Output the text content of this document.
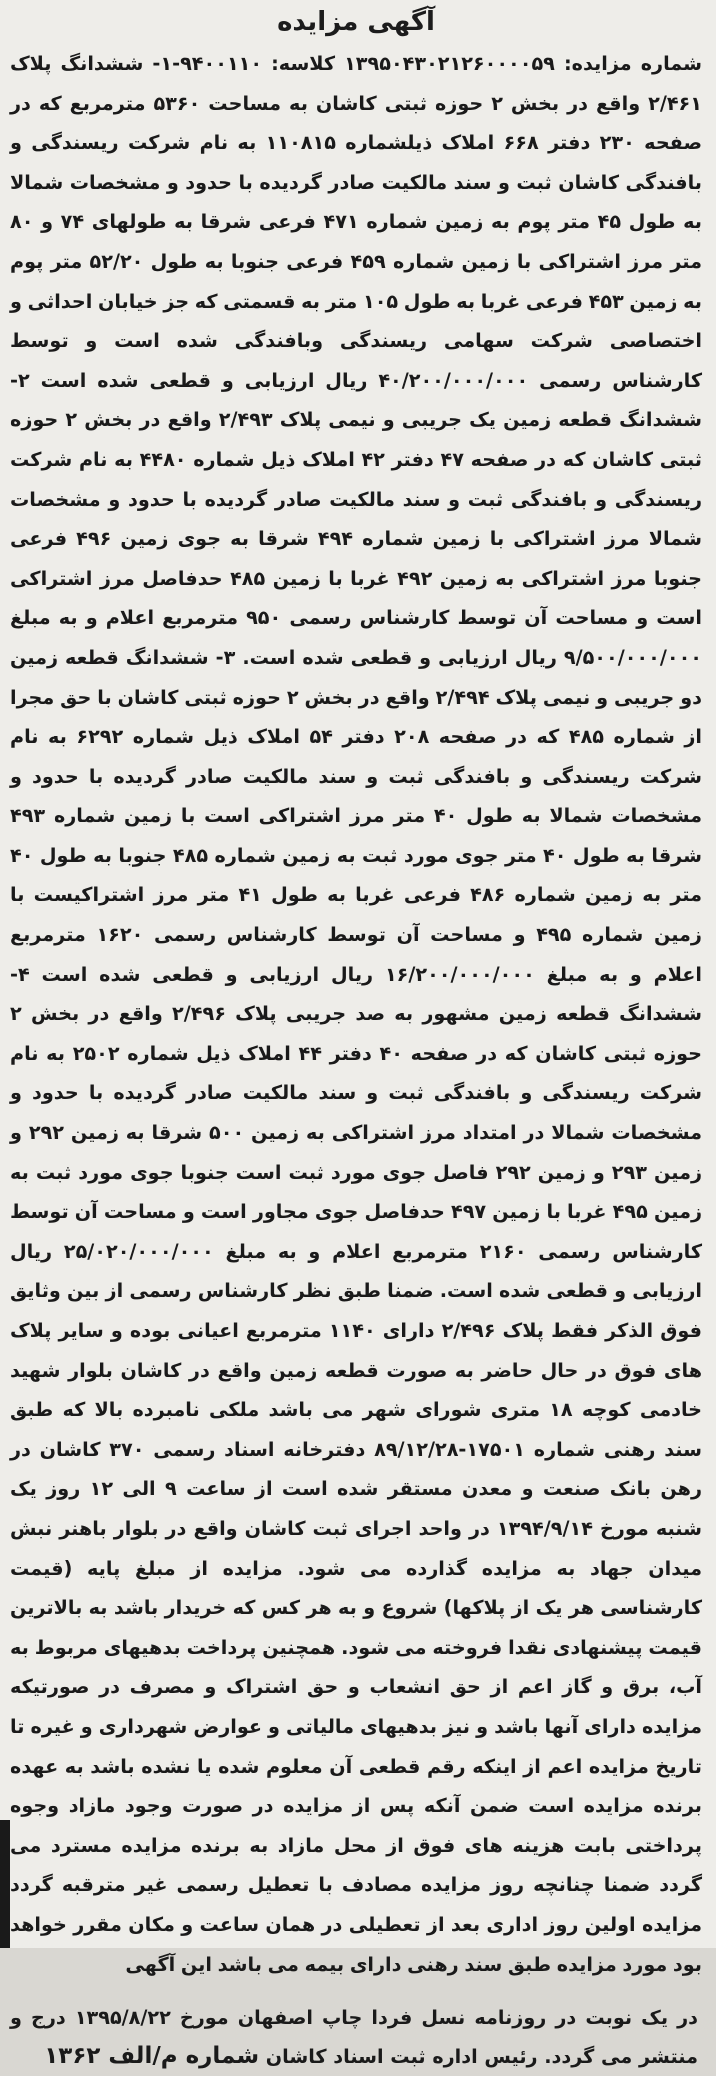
آگهی مزایده

شماره مزایده: ۱۳۹۵۰۴۳۰۲۱۲۶۰۰۰۰۵۹ کلاسه: ۹۴۰۰۱۱۰-۱- ششدانگ پلاک ۲/۴۶۱ واقع در بخش ۲ حوزه ثبتی کاشان به مساحت ۵۳۶۰ مترمربع که در صفحه ۲۳۰ دفتر ۶۶۸ املاک ذیلشماره ۱۱۰۸۱۵ به نام شرکت ریسندگی و بافندگی کاشان ثبت و سند مالکیت صادر گردیده با حدود و مشخصات شمالا به طول ۴۵ متر پوم به زمین شماره ۴۷۱ فرعی شرقا به طولهای ۷۴ و ۸۰ متر مرز اشتراکی با زمین شماره ۴۵۹ فرعی جنوبا به طول ۵۲/۲۰ متر پوم به زمین ۴۵۳ فرعی غربا به طول ۱۰۵ متر به قسمتی که جز خیابان احداثی و اختصاصی شرکت سهامی ریسندگی وبافندگی شده است و توسط کارشناس رسمی ۴۰/۲۰۰/۰۰۰/۰۰۰ ریال ارزیابی و قطعی شده است ۲- ششدانگ قطعه زمین یک جریبی و نیمی پلاک ۲/۴۹۳ واقع در بخش ۲ حوزه ثبتی کاشان که در صفحه ۴۷ دفتر ۴۲ املاک ذیل شماره ۴۴۸۰ به نام شرکت ریسندگی و بافندگی ثبت و سند مالکیت صادر گردیده با حدود و مشخصات شمالا مرز اشتراکی با زمین شماره ۴۹۴ شرقا به جوی زمین ۴۹۶ فرعی جنوبا مرز اشتراکی به زمین ۴۹۲ غربا با زمین ۴۸۵ حدفاصل مرز اشتراکی است و مساحت آن توسط کارشناس رسمی ۹۵۰ مترمربع اعلام و به مبلغ ۹/۵۰۰/۰۰۰/۰۰۰ ریال ارزیابی و قطعی شده است. ۳- ششدانگ قطعه زمین دو جریبی و نیمی پلاک ۲/۴۹۴ واقع در بخش ۲ حوزه ثبتی کاشان با حق مجرا از شماره ۴۸۵ که در صفحه ۲۰۸ دفتر ۵۴ املاک ذیل شماره ۶۲۹۲ به نام شرکت ریسندگی و بافندگی ثبت و سند مالکیت صادر گردیده با حدود و مشخصات شمالا به طول ۴۰ متر مرز اشتراکی است با زمین شماره ۴۹۳ شرقا به طول ۴۰ متر جوی مورد ثبت به زمین شماره ۴۸۵ جنوبا به طول ۴۰ متر به زمین شماره ۴۸۶ فرعی غربا به طول ۴۱ متر مرز اشتراکیست با زمین شماره ۴۹۵ و مساحت آن توسط کارشناس رسمی ۱۶۲۰ مترمربع اعلام و به مبلغ ۱۶/۲۰۰/۰۰۰/۰۰۰ ریال ارزیابی و قطعی شده است ۴- ششدانگ قطعه زمین مشهور به صد جریبی پلاک ۲/۴۹۶ واقع در بخش ۲ حوزه ثبتی کاشان که در صفحه ۴۰ دفتر ۴۴ املاک ذیل شماره ۲۵۰۲ به نام شرکت ریسندگی و بافندگی ثبت و سند مالکیت صادر گردیده با حدود و مشخصات شمالا در امتداد مرز اشتراکی به زمین ۵۰۰ شرقا به زمین ۲۹۲ و زمین ۲۹۳ و زمین ۲۹۲ فاصل جوی مورد ثبت است جنوبا جوی مورد ثبت به زمین ۴۹۵ غربا با زمین ۴۹۷ حدفاصل جوی مجاور است و مساحت آن توسط کارشناس رسمی ۲۱۶۰ مترمربع اعلام و به مبلغ ۲۵/۰۲۰/۰۰۰/۰۰۰ ریال ارزیابی و قطعی شده است. ضمنا طبق نظر کارشناس رسمی از بین وثایق فوق الذکر فقط پلاک ۲/۴۹۶ دارای ۱۱۴۰ مترمربع اعیانی بوده و سایر پلاک های فوق در حال حاضر به صورت قطعه زمین واقع در کاشان بلوار شهید خادمی کوچه ۱۸ متری شورای شهر می باشد ملکی نامبرده بالا که طبق سند رهنی شماره ۱۷۵۰۱-۸۹/۱۲/۲۸ دفترخانه اسناد رسمی ۳۷۰ کاشان در رهن بانک صنعت و معدن مستقر شده است از ساعت ۹ الی ۱۲ روز یک شنبه مورخ ۱۳۹۴/۹/۱۴ در واحد اجرای ثبت کاشان واقع در بلوار باهنر نبش میدان جهاد به مزایده گذارده می شود. مزایده از مبلغ پایه (قیمت کارشناسی هر یک از پلاکها) شروع و به هر کس که خریدار باشد به بالاترین قیمت پیشنهادی نقدا فروخته می شود. همچنین پرداخت بدهیهای مربوط به آب، برق و گاز اعم از حق انشعاب و حق اشتراک و مصرف در صورتیکه مزایده دارای آنها باشد و نیز بدهیهای مالیاتی و عوارض شهرداری و غیره تا تاریخ مزایده اعم از اینکه رقم قطعی آن معلوم شده یا نشده باشد به عهده برنده مزایده است ضمن آنکه پس از مزایده در صورت وجود مازاد وجوه پرداختی بابت هزینه های فوق از محل مازاد به برنده مزایده مسترد می گردد ضمنا چنانچه روز مزایده مصادف با تعطیل رسمی غیر مترقبه گردد مزایده اولین روز اداری بعد از تعطیلی در همان ساعت و مکان مقرر خواهد بود مورد مزایده طبق سند رهنی دارای بیمه می باشد این آگهی

در یک نوبت در روزنامه نسل فردا چاپ اصفهان مورخ ۱۳۹۵/۸/۲۲ درج و منتشر می گردد. رئیس اداره ثبت اسناد کاشان شماره م/الف ۱۳۶۲
